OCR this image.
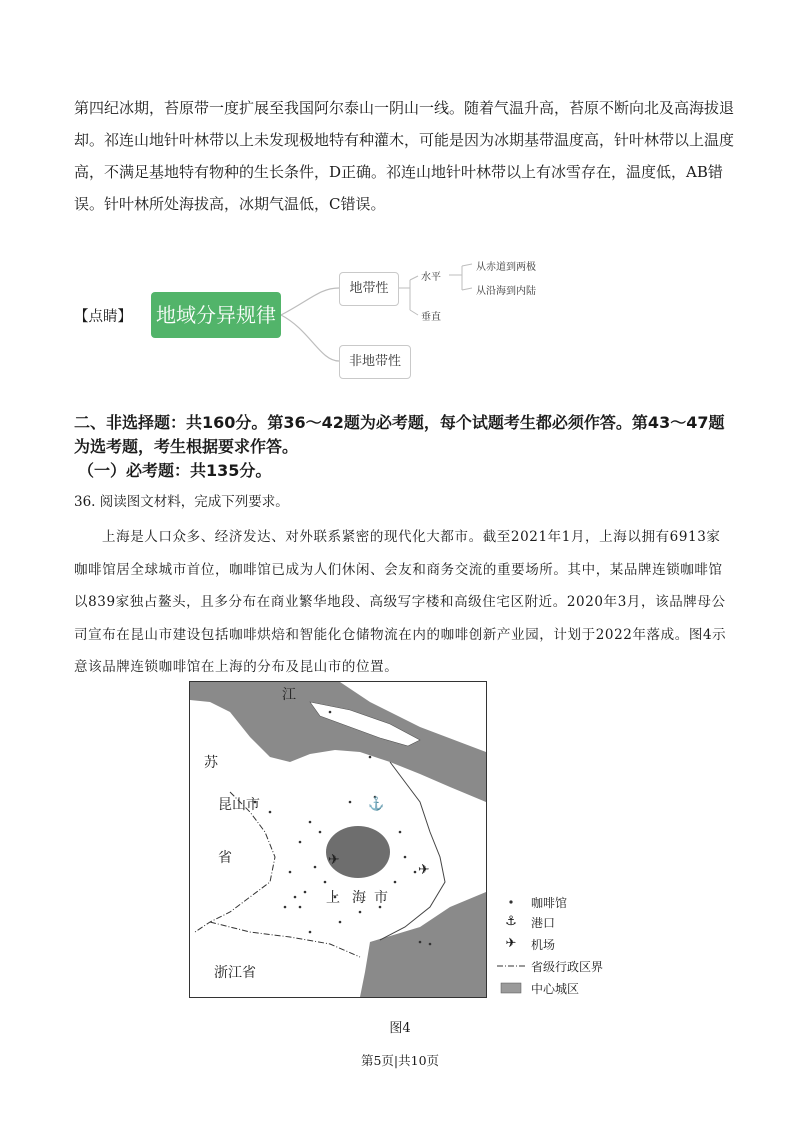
第四纪冰期，苔原带一度扩展至我国阿尔泰山一阴山一线。随着气温升高，苔原不断向北及高海拔退却。祁连山地针叶林带以上未发现极地特有种灌木，可能是因为冰期基带温度高，针叶林带以上温度高，不满足基地特有物种的生长条件，D正确。祁连山地针叶林带以上有冰雪存在，温度低，AB错误。针叶林所处海拔高，冰期气温低，C错误。

【点睛】 地域分异规律
地带性
非地带性
水平
垂直
从赤道到两极
从沿海到内陆

二、非选择题：共160分。第36～42题为必考题，每个试题考生都必须作答。第43～47题为选考题，考生根据要求作答。

（一）必考题：共135分。

36. 阅读图文材料，完成下列要求。

上海是人口众多、经济发达、对外联系紧密的现代化大都市。截至2021年1月，上海以拥有6913家咖啡馆居全球城市首位，咖啡馆已成为人们休闲、会友和商务交流的重要场所。其中，某品牌连锁咖啡馆以839家独占鳌头，且多分布在商业繁华地段、高级写字楼和高级住宅区附近。2020年3月，该品牌母公司宣布在昆山市建设包括咖啡烘焙和智能化仓储物流在内的咖啡创新产业园，计划于2022年落成。图4示意该品牌连锁咖啡馆在上海的分布及昆山市的位置。

⚓
✈
✈
江
苏
昆山市
省
上 海 市
浙江省
咖啡馆
⚓	港口
✈	机场
省级行政区界
中心城区
图4
第5页|共10页
